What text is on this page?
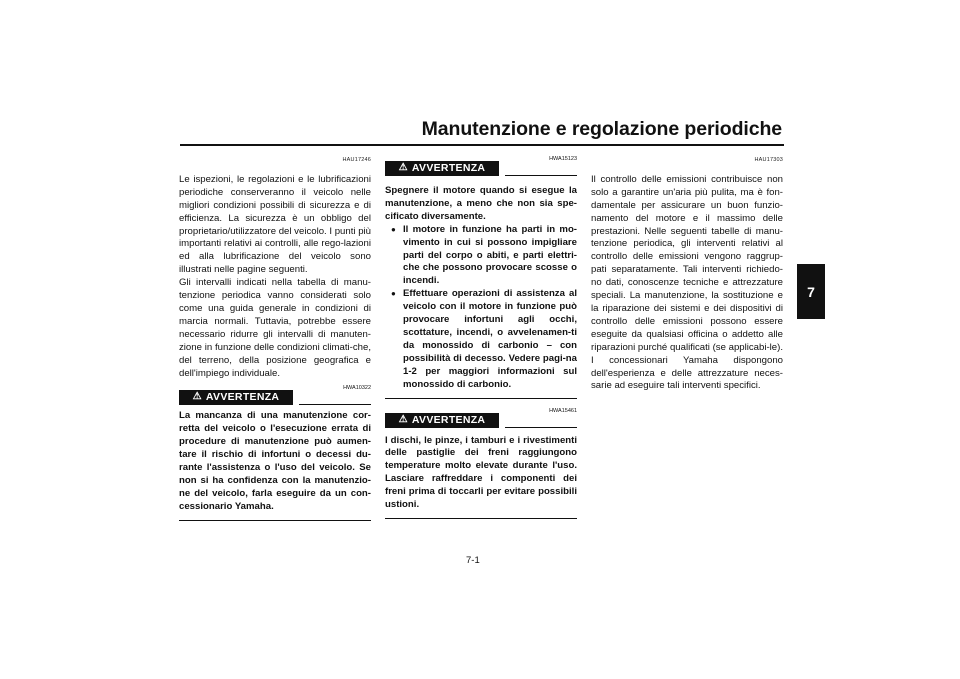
Manutenzione e regolazione periodiche
7
HAU17246

Le ispezioni, le regolazioni e le lubrificazioni periodiche conserveranno il veicolo nelle migliori condizioni possibili di sicurezza e di efficienza. La sicurezza è un obbligo del proprietario/utilizzatore del veicolo. I punti più importanti relativi ai controlli, alle rego-lazioni ed alla lubrificazione del veicolo sono illustrati nelle pagine seguenti.

Gli intervalli indicati nella tabella di manu-tenzione periodica vanno considerati solo come una guida generale in condizioni di marcia normali. Tuttavia, potrebbe essere necessario ridurre gli intervalli di manuten-zione in funzione delle condizioni climati-che, del terreno, della posizione geografica e dell'impiego individuale.

⚠ AVVERTENZA
HWA10322

La mancanza di una manutenzione cor-retta del veicolo o l'esecuzione errata di procedure di manutenzione può aumen-tare il rischio di infortuni o decessi du-rante l'assistenza o l'uso del veicolo. Se non si ha confidenza con la manutenzio-ne del veicolo, farla eseguire da un con-cessionario Yamaha.

⚠ AVVERTENZA
HWA15123

Spegnere il motore quando si esegue la manutenzione, a meno che non sia spe-cificato diversamente.

● Il motore in funzione ha parti in mo-vimento in cui si possono impigliare parti del corpo o abiti, e parti elettri-che che possono provocare scosse o incendi.
● Effettuare operazioni di assistenza al veicolo con il motore in funzione può provocare infortuni agli occhi, scottature, incendi, o avvelenamen-ti da monossido di carbonio – con possibilità di decesso. Vedere pagi-na 1-2 per maggiori informazioni sul monossido di carbonio.
⚠ AVVERTENZA
HWA15461

I dischi, le pinze, i tamburi e i rivestimenti delle pastiglie dei freni raggiungono temperature molto elevate durante l'uso. Lasciare raffreddare i componenti dei freni prima di toccarli per evitare possibili ustioni.

HAU17303

Il controllo delle emissioni contribuisce non solo a garantire un'aria più pulita, ma è fon-damentale per assicurare un buon funzio-namento del motore e il massimo delle prestazioni. Nelle seguenti tabelle di manu-tenzione periodica, gli interventi relativi al controllo delle emissioni vengono raggrup-pati separatamente. Tali interventi richiedo-no dati, conoscenze tecniche e attrezzature speciali. La manutenzione, la sostituzione e la riparazione dei sistemi e dei dispositivi di controllo delle emissioni possono essere eseguite da qualsiasi officina o addetto alle riparazioni purché qualificati (se applicabi-le). I concessionari Yamaha dispongono dell'esperienza e delle attrezzature neces-sarie ad eseguire tali interventi specifici.

7-1
